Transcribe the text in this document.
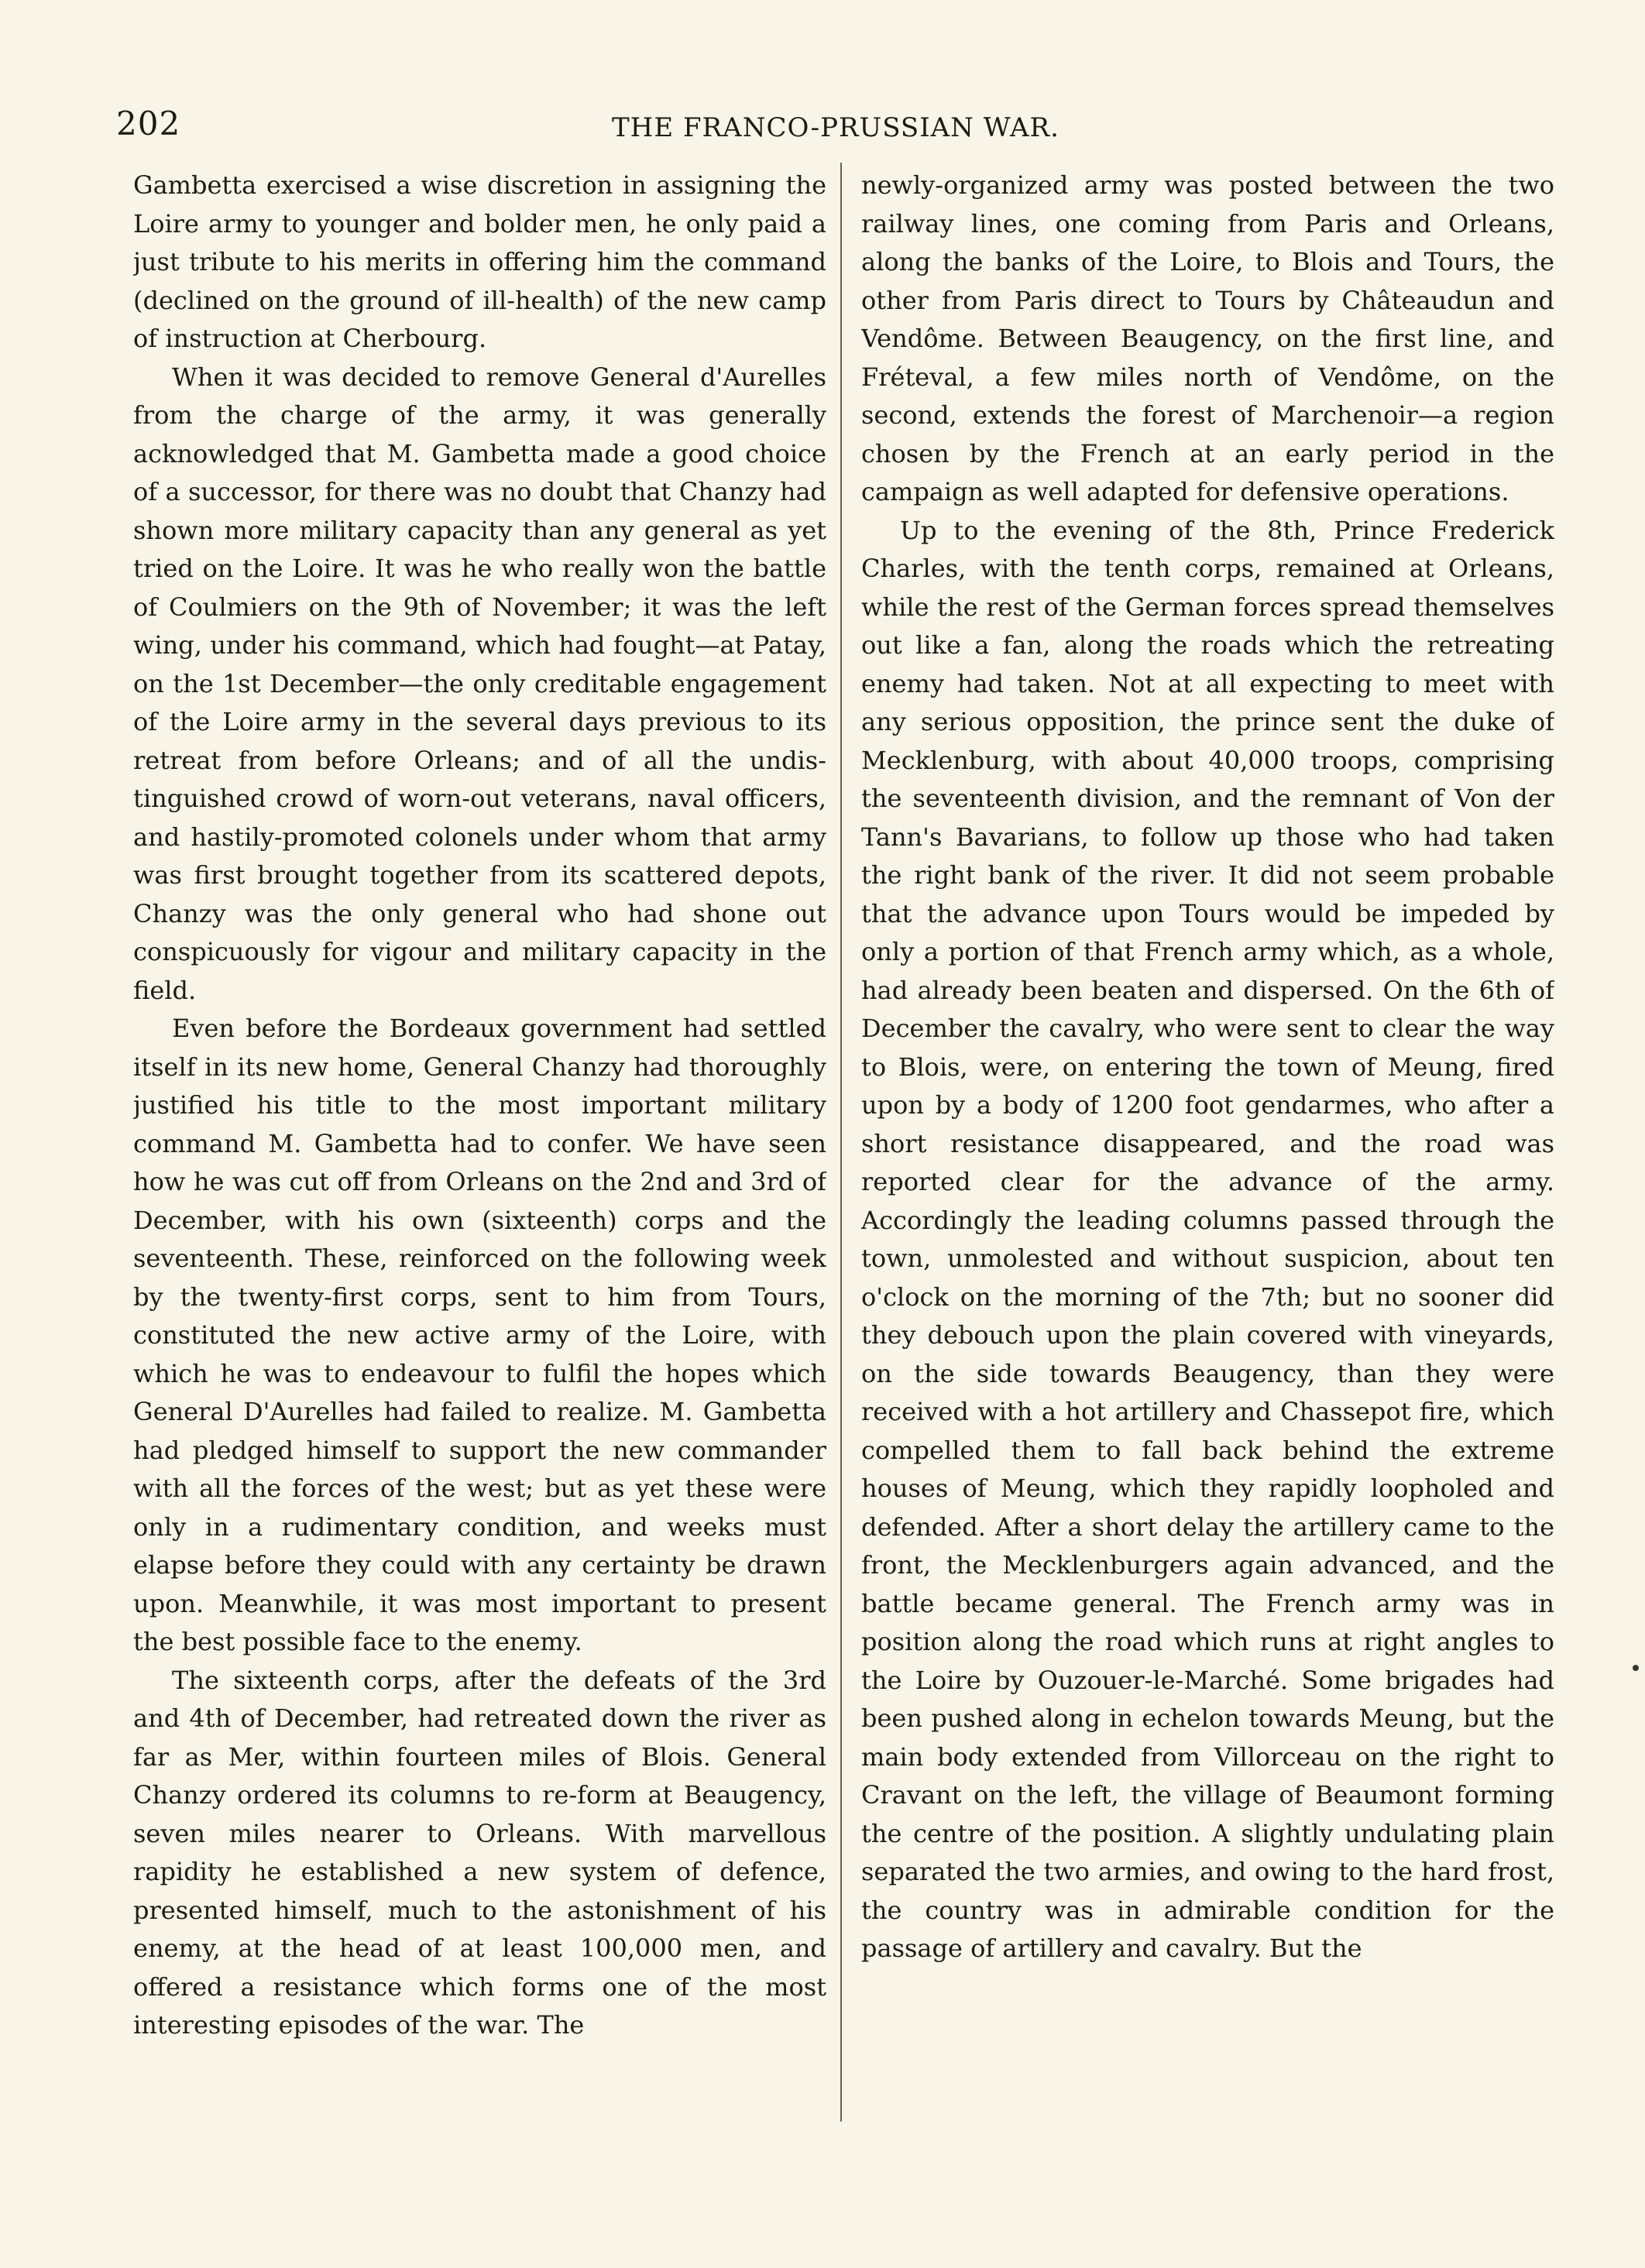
202	THE FRANCO-PRUSSIAN WAR.

Gambetta exercised a wise discretion in assigning the Loire army to younger and bolder men, he only paid a just tribute to his merits in offering him the command (declined on the ground of ill-health) of the new camp of instruction at Cherbourg.

When it was decided to remove General d'Aurelles from the charge of the army, it was generally acknowledged that M. Gambetta made a good choice of a successor, for there was no doubt that Chanzy had shown more military capacity than any general as yet tried on the Loire. It was he who really won the battle of Coulmiers on the 9th of November; it was the left wing, under his command, which had fought—at Patay, on the 1st December—the only creditable engagement of the Loire army in the several days previous to its retreat from before Orleans; and of all the undistinguished crowd of worn-out veterans, naval officers, and hastily-promoted colonels under whom that army was first brought together from its scattered depots, Chanzy was the only general who had shone out conspicuously for vigour and military capacity in the field.

Even before the Bordeaux government had settled itself in its new home, General Chanzy had thoroughly justified his title to the most important military command M. Gambetta had to confer. We have seen how he was cut off from Orleans on the 2nd and 3rd of December, with his own (sixteenth) corps and the seventeenth. These, reinforced on the following week by the twenty-first corps, sent to him from Tours, constituted the new active army of the Loire, with which he was to endeavour to fulfil the hopes which General D'Aurelles had failed to realize. M. Gambetta had pledged himself to support the new commander with all the forces of the west; but as yet these were only in a rudimentary condition, and weeks must elapse before they could with any certainty be drawn upon. Meanwhile, it was most important to present the best possible face to the enemy.

The sixteenth corps, after the defeats of the 3rd and 4th of December, had retreated down the river as far as Mer, within fourteen miles of Blois. General Chanzy ordered its columns to re-form at Beaugency, seven miles nearer to Orleans. With marvellous rapidity he established a new system of defence, presented himself, much to the astonishment of his enemy, at the head of at least 100,000 men, and offered a resistance which forms one of the most interesting episodes of the war. The

newly-organized army was posted between the two railway lines, one coming from Paris and Orleans, along the banks of the Loire, to Blois and Tours, the other from Paris direct to Tours by Châteaudun and Vendôme. Between Beaugency, on the first line, and Fréteval, a few miles north of Vendôme, on the second, extends the forest of Marchenoir—a region chosen by the French at an early period in the campaign as well adapted for defensive operations.

Up to the evening of the 8th, Prince Frederick Charles, with the tenth corps, remained at Orleans, while the rest of the German forces spread themselves out like a fan, along the roads which the retreating enemy had taken. Not at all expecting to meet with any serious opposition, the prince sent the duke of Mecklenburg, with about 40,000 troops, comprising the seventeenth division, and the remnant of Von der Tann's Bavarians, to follow up those who had taken the right bank of the river. It did not seem probable that the advance upon Tours would be impeded by only a portion of that French army which, as a whole, had already been beaten and dispersed. On the 6th of December the cavalry, who were sent to clear the way to Blois, were, on entering the town of Meung, fired upon by a body of 1200 foot gendarmes, who after a short resistance disappeared, and the road was reported clear for the advance of the army. Accordingly the leading columns passed through the town, unmolested and without suspicion, about ten o'clock on the morning of the 7th; but no sooner did they debouch upon the plain covered with vineyards, on the side towards Beaugency, than they were received with a hot artillery and Chassepot fire, which compelled them to fall back behind the extreme houses of Meung, which they rapidly loopholed and defended. After a short delay the artillery came to the front, the Mecklenburgers again advanced, and the battle became general. The French army was in position along the road which runs at right angles to the Loire by Ouzouer-le-Marché. Some brigades had been pushed along in echelon towards Meung, but the main body extended from Villorceau on the right to Cravant on the left, the village of Beaumont forming the centre of the position. A slightly undulating plain separated the two armies, and owing to the hard frost, the country was in admirable condition for the passage of artillery and cavalry. But the
